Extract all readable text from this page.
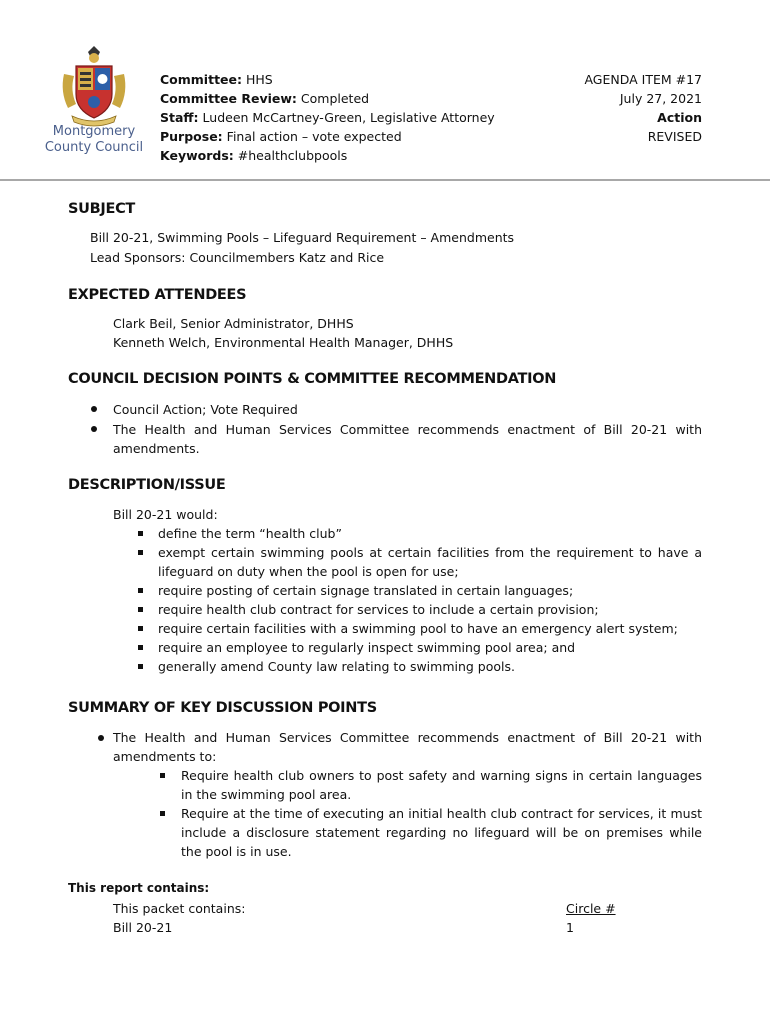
Montgomery
County Council
Committee: HHS
Committee Review: Completed
Staff: Ludeen McCartney-Green, Legislative Attorney
Purpose: Final action – vote expected
Keywords: #healthclubpools
AGENDA ITEM #17
July 27, 2021
Action
REVISED
SUBJECT
Bill 20-21, Swimming Pools – Lifeguard Requirement – Amendments
Lead Sponsors: Councilmembers Katz and Rice
EXPECTED ATTENDEES
Clark Beil, Senior Administrator, DHHS
Kenneth Welch, Environmental Health Manager, DHHS
COUNCIL DECISION POINTS & COMMITTEE RECOMMENDATION
Council Action; Vote Required
The Health and Human Services Committee recommends enactment of Bill 20-21 with amendments.
DESCRIPTION/ISSUE
Bill 20-21 would:
define the term “health club”
exempt certain swimming pools at certain facilities from the requirement to have a lifeguard on duty when the pool is open for use;
require posting of certain signage translated in certain languages;
require health club contract for services to include a certain provision;
require certain facilities with a swimming pool to have an emergency alert system;
require an employee to regularly inspect swimming pool area; and
generally amend County law relating to swimming pools.
SUMMARY OF KEY DISCUSSION POINTS
The Health and Human Services Committee recommends enactment of Bill 20-21 with amendments to:
Require health club owners to post safety and warning signs in certain languages in the swimming pool area.
Require at the time of executing an initial health club contract for services, it must include a disclosure statement regarding no lifeguard will be on premises while the pool is in use.
This report contains:
This packet contains:	Circle #
Bill 20-21	1
